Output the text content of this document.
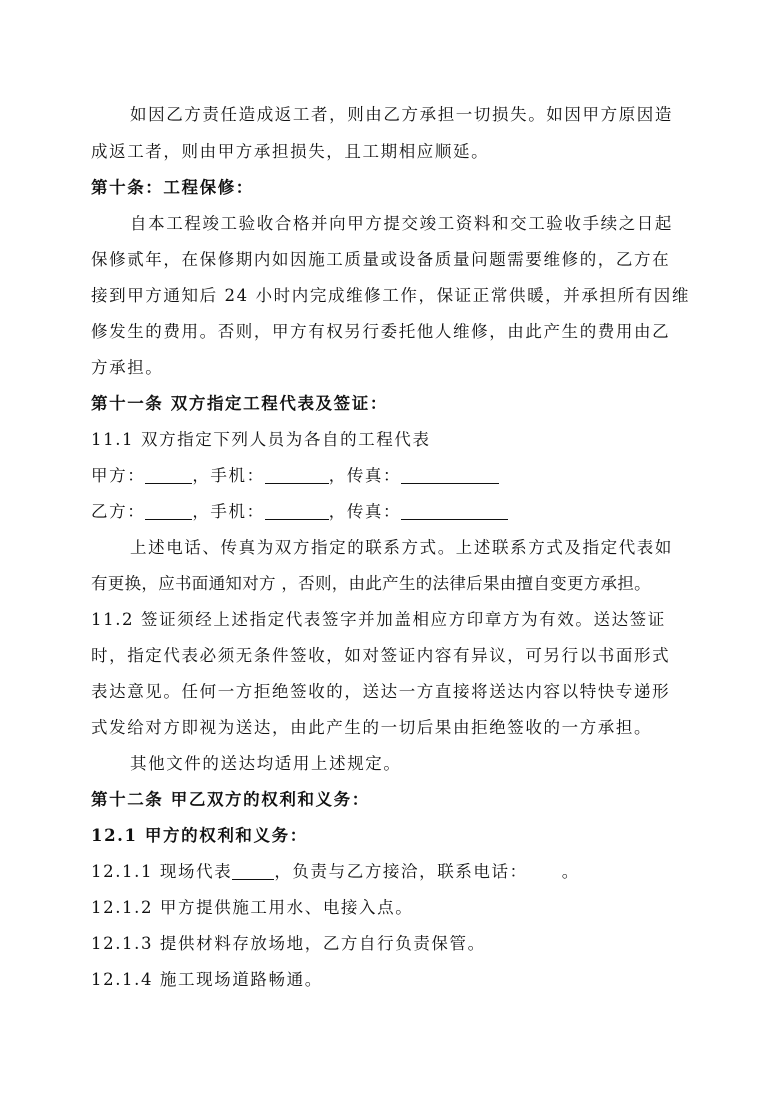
如因乙方责任造成返工者，则由乙方承担一切损失。如因甲方原因造
成返工者，则由甲方承担损失，且工期相应顺延。
第十条：工程保修：
自本工程竣工验收合格并向甲方提交竣工资料和交工验收手续之日起
保修贰年，在保修期内如因施工质量或设备质量问题需要维修的，乙方在
接到甲方通知后 24 小时内完成维修工作，保证正常供暖，并承担所有因维
修发生的费用。否则，甲方有权另行委托他人维修，由此产生的费用由乙
方承担。
第十一条 双方指定工程代表及签证：
11.1 双方指定下列人员为各自的工程代表
甲方：	，手机：	，传真：
乙方：	，手机：	，传真：
上述电话、传真为双方指定的联系方式。上述联系方式及指定代表如
有更换，应书面通知对方 ，否则，由此产生的法律后果由擅自变更方承担。
11.2 签证须经上述指定代表签字并加盖相应方印章方为有效。送达签证
时，指定代表必须无条件签收，如对签证内容有异议，可另行以书面形式
表达意见。任何一方拒绝签收的，送达一方直接将送达内容以特快专递形
式发给对方即视为送达，由此产生的一切后果由拒绝签收的一方承担。
其他文件的送达均适用上述规定。
第十二条 甲乙双方的权利和义务：
12.1 甲方的权利和义务：
12.1.1 现场代表	，负责与乙方接洽，联系电话： 。
12.1.2 甲方提供施工用水、电接入点。
12.1.3 提供材料存放场地，乙方自行负责保管。
12.1.4 施工现场道路畅通。
